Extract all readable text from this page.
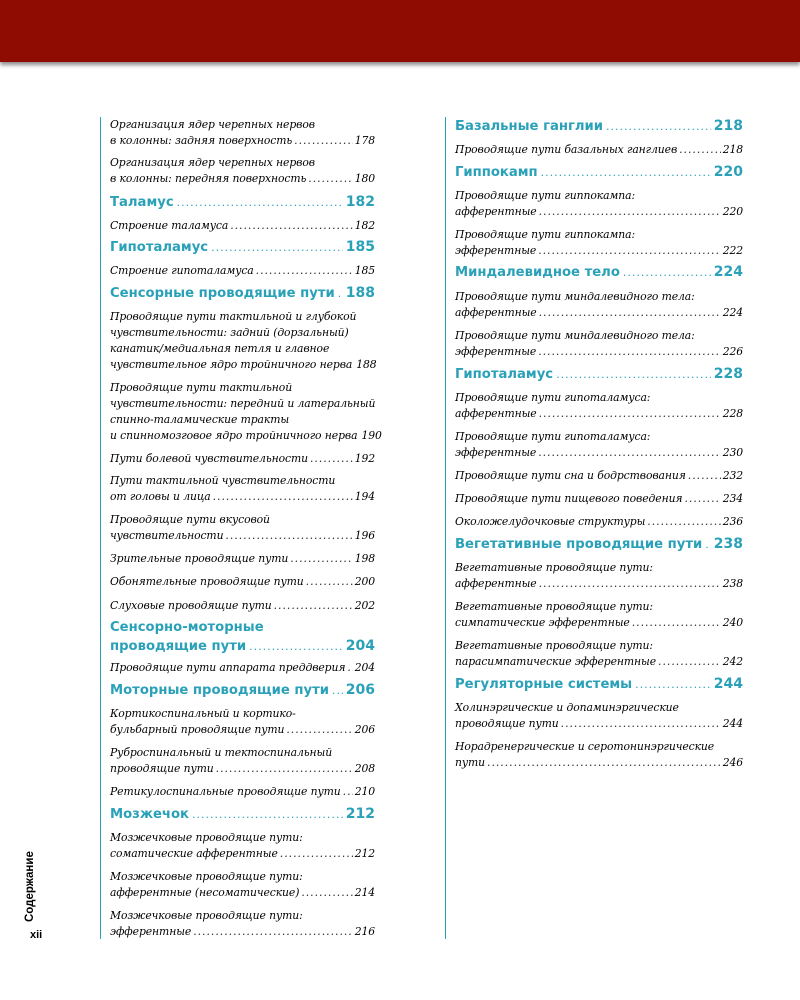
Организация ядер черепных нервов
в колонны: задняя поверхность .....	178
Организация ядер черепных нервов
в колонны: передняя поверхность .....	180
Таламус .....	182
Строение таламуса .....	182
Гипоталамус .....	185
Строение гипоталамуса .....	185
Сенсорные проводящие пути ..... 188
Проводящие пути тактильной и глубокой
чувствительности: задний (дорзальный)
канатик/медиальная петля и главное
чувствительное ядро тройничного нерва 188
Проводящие пути тактильной
чувствительности: передний и латеральный
спинно-таламические тракты
и спинномозговое ядро тройничного нерва 190
Пути болевой чувствительности .....	192
Пути тактильной чувствительности
от головы и лица .....	194
Проводящие пути вкусовой
чувствительности .....	196
Зрительные проводящие пути .....	198
Обонятельные проводящие пути .....	200
Слуховые проводящие пути .....	202
Сенсорно-моторные
проводящие пути .....	204
Проводящие пути аппарата преддверия ..... 204
Моторные проводящие пути ..... 206
Кортикоспинальный и кортико-
бульбарный проводящие пути .....	206
Руброспинальный и тектоспинальный
проводящие пути .....	208
Ретикулоспинальные проводящие пути ..... 210
Мозжечок .....	212
Мозжечковые проводящие пути:
соматические афферентные .....	212
Мозжечковые проводящие пути:
афферентные (несоматические) .....	214
Мозжечковые проводящие пути:
эфферентные .....	216
Базальные ганглии .....	218
Проводящие пути базальных ганглиев .....	218
Гиппокамп .....	220
Проводящие пути гиппокампа:
афферентные .....	220
Проводящие пути гиппокампа:
эфферентные .....	222
Миндалевидное тело .....	224
Проводящие пути миндалевидного тела:
афферентные .....	224
Проводящие пути миндалевидного тела:
эфферентные .....	226
Гипоталамус .....	228
Проводящие пути гипоталамуса:
афферентные .....	228
Проводящие пути гипоталамуса:
эфферентные .....	230
Проводящие пути сна и бодрствования .....	232
Проводящие пути пищевого поведения .....	234
Околожелудочковые структуры .....	236
Вегетативные проводящие пути ..... 238
Вегетативные проводящие пути:
афферентные .....	238
Вегетативные проводящие пути:
симпатические эфферентные .....	240
Вегетативные проводящие пути:
парасимпатические эфферентные .....	242
Регуляторные системы .....	244
Холинэргические и допаминэргические
проводящие пути .....	244
Норадренергические и серотонинэргические
пути .....	246
Содержание
xii
